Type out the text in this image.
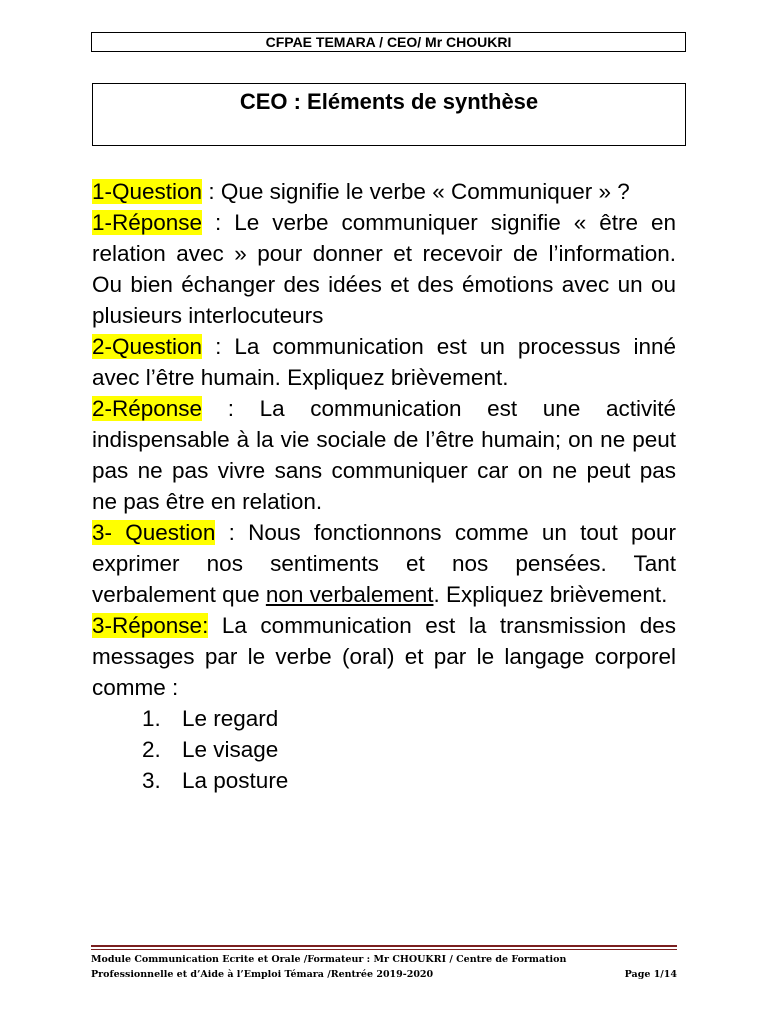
CFPAE TEMARA / CEO/ Mr CHOUKRI
CEO : Eléments de synthèse

1-Question : Que signifie le verbe « Communiquer » ?

1-Réponse : Le verbe communiquer signifie « être en relation avec » pour donner et recevoir de l’information. Ou bien échanger des idées et des émotions avec un ou plusieurs interlocuteurs

2-Question : La communication est un processus inné avec l’être humain. Expliquez brièvement.

2-Réponse : La communication est une activité indispensable à la vie sociale de l’être humain; on ne peut pas ne pas vivre sans communiquer car on ne peut pas ne pas être en relation.

3- Question : Nous fonctionnons comme un tout pour exprimer nos sentiments et nos pensées. Tant verbalement que non verbalement. Expliquez brièvement.

3-Réponse: La communication est la transmission des messages par le verbe (oral) et par le langage corporel comme :

1. Le regard
2. Le visage
3. La posture
Module Communication Ecrite et Orale /Formateur : Mr CHOUKRI / Centre de Formation
Professionnelle et d’Aide à l’Emploi Témara /Rentrée 2019-2020	Page 1/14
